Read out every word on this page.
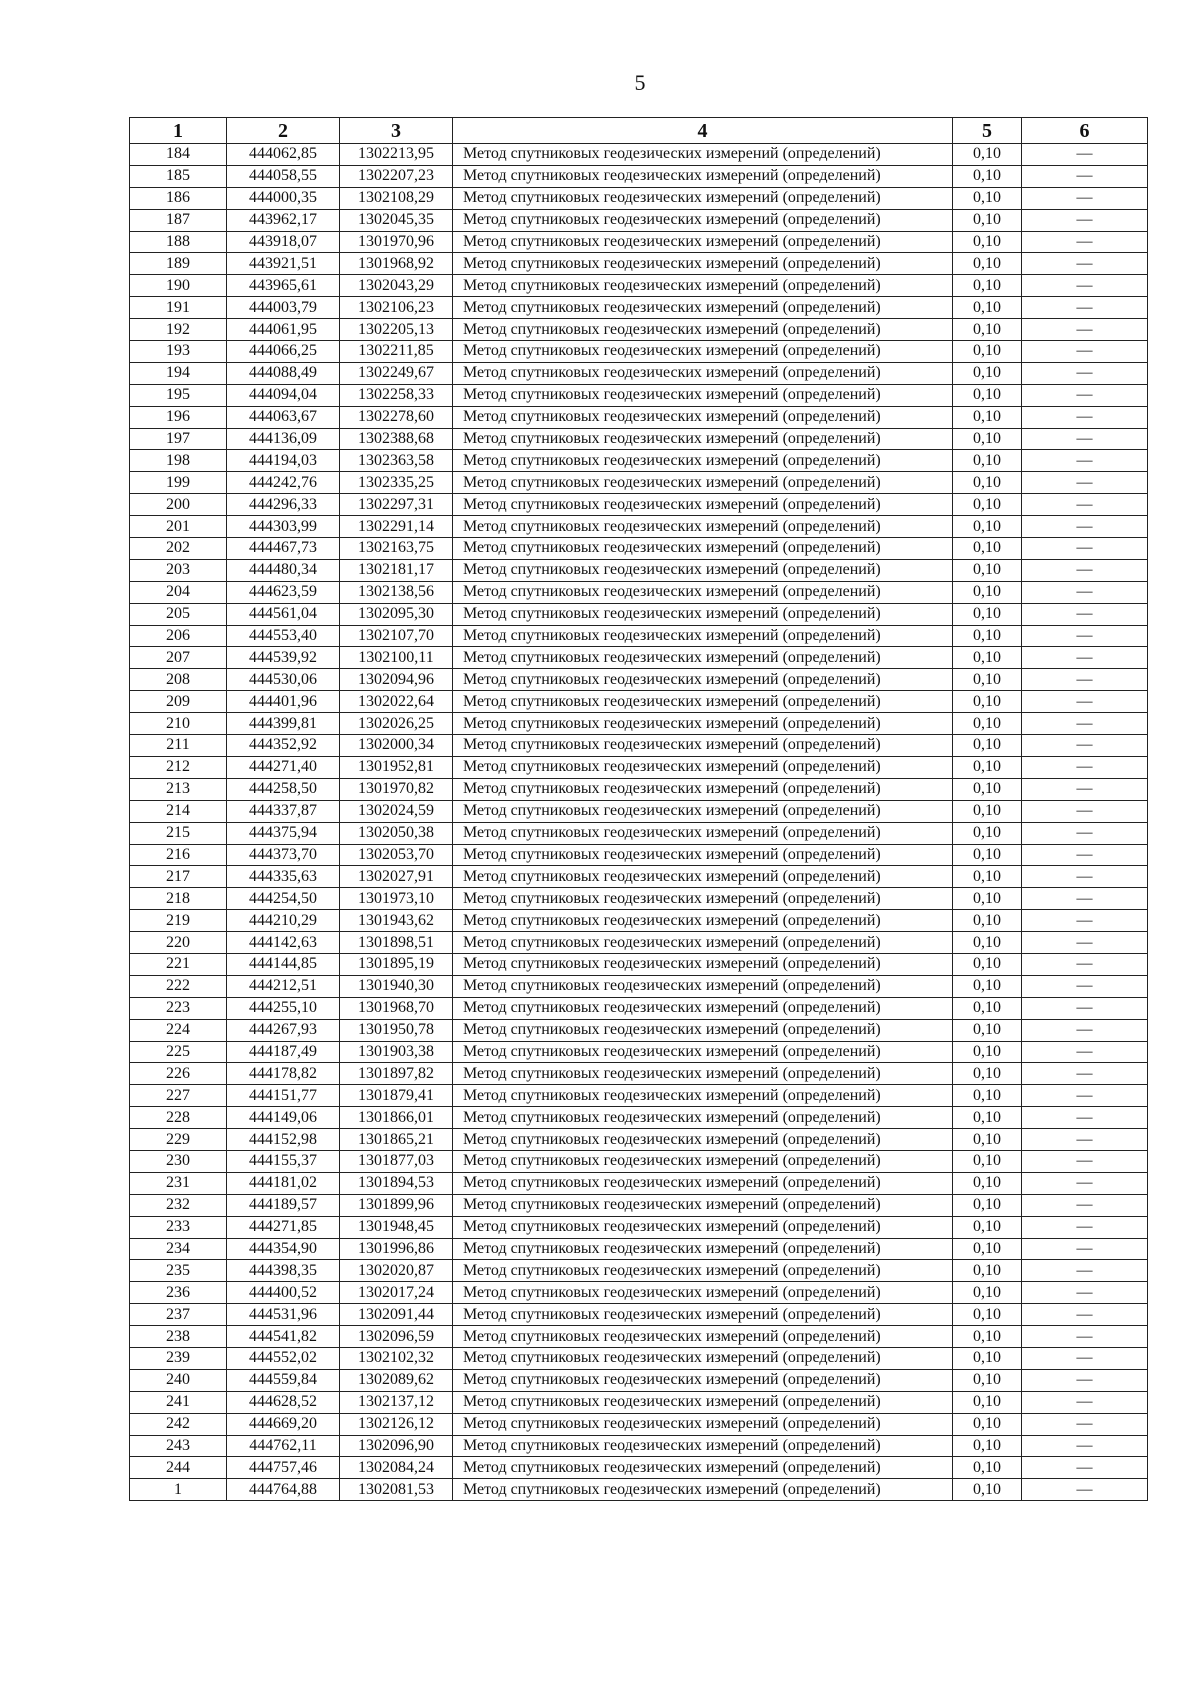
5
1	2	3	4	5	6
184	444062,85	1302213,95	Метод спутниковых геодезических измерений (определений)	0,10	—
185	444058,55	1302207,23	Метод спутниковых геодезических измерений (определений)	0,10	—
186	444000,35	1302108,29	Метод спутниковых геодезических измерений (определений)	0,10	—
187	443962,17	1302045,35	Метод спутниковых геодезических измерений (определений)	0,10	—
188	443918,07	1301970,96	Метод спутниковых геодезических измерений (определений)	0,10	—
189	443921,51	1301968,92	Метод спутниковых геодезических измерений (определений)	0,10	—
190	443965,61	1302043,29	Метод спутниковых геодезических измерений (определений)	0,10	—
191	444003,79	1302106,23	Метод спутниковых геодезических измерений (определений)	0,10	—
192	444061,95	1302205,13	Метод спутниковых геодезических измерений (определений)	0,10	—
193	444066,25	1302211,85	Метод спутниковых геодезических измерений (определений)	0,10	—
194	444088,49	1302249,67	Метод спутниковых геодезических измерений (определений)	0,10	—
195	444094,04	1302258,33	Метод спутниковых геодезических измерений (определений)	0,10	—
196	444063,67	1302278,60	Метод спутниковых геодезических измерений (определений)	0,10	—
197	444136,09	1302388,68	Метод спутниковых геодезических измерений (определений)	0,10	—
198	444194,03	1302363,58	Метод спутниковых геодезических измерений (определений)	0,10	—
199	444242,76	1302335,25	Метод спутниковых геодезических измерений (определений)	0,10	—
200	444296,33	1302297,31	Метод спутниковых геодезических измерений (определений)	0,10	—
201	444303,99	1302291,14	Метод спутниковых геодезических измерений (определений)	0,10	—
202	444467,73	1302163,75	Метод спутниковых геодезических измерений (определений)	0,10	—
203	444480,34	1302181,17	Метод спутниковых геодезических измерений (определений)	0,10	—
204	444623,59	1302138,56	Метод спутниковых геодезических измерений (определений)	0,10	—
205	444561,04	1302095,30	Метод спутниковых геодезических измерений (определений)	0,10	—
206	444553,40	1302107,70	Метод спутниковых геодезических измерений (определений)	0,10	—
207	444539,92	1302100,11	Метод спутниковых геодезических измерений (определений)	0,10	—
208	444530,06	1302094,96	Метод спутниковых геодезических измерений (определений)	0,10	—
209	444401,96	1302022,64	Метод спутниковых геодезических измерений (определений)	0,10	—
210	444399,81	1302026,25	Метод спутниковых геодезических измерений (определений)	0,10	—
211	444352,92	1302000,34	Метод спутниковых геодезических измерений (определений)	0,10	—
212	444271,40	1301952,81	Метод спутниковых геодезических измерений (определений)	0,10	—
213	444258,50	1301970,82	Метод спутниковых геодезических измерений (определений)	0,10	—
214	444337,87	1302024,59	Метод спутниковых геодезических измерений (определений)	0,10	—
215	444375,94	1302050,38	Метод спутниковых геодезических измерений (определений)	0,10	—
216	444373,70	1302053,70	Метод спутниковых геодезических измерений (определений)	0,10	—
217	444335,63	1302027,91	Метод спутниковых геодезических измерений (определений)	0,10	—
218	444254,50	1301973,10	Метод спутниковых геодезических измерений (определений)	0,10	—
219	444210,29	1301943,62	Метод спутниковых геодезических измерений (определений)	0,10	—
220	444142,63	1301898,51	Метод спутниковых геодезических измерений (определений)	0,10	—
221	444144,85	1301895,19	Метод спутниковых геодезических измерений (определений)	0,10	—
222	444212,51	1301940,30	Метод спутниковых геодезических измерений (определений)	0,10	—
223	444255,10	1301968,70	Метод спутниковых геодезических измерений (определений)	0,10	—
224	444267,93	1301950,78	Метод спутниковых геодезических измерений (определений)	0,10	—
225	444187,49	1301903,38	Метод спутниковых геодезических измерений (определений)	0,10	—
226	444178,82	1301897,82	Метод спутниковых геодезических измерений (определений)	0,10	—
227	444151,77	1301879,41	Метод спутниковых геодезических измерений (определений)	0,10	—
228	444149,06	1301866,01	Метод спутниковых геодезических измерений (определений)	0,10	—
229	444152,98	1301865,21	Метод спутниковых геодезических измерений (определений)	0,10	—
230	444155,37	1301877,03	Метод спутниковых геодезических измерений (определений)	0,10	—
231	444181,02	1301894,53	Метод спутниковых геодезических измерений (определений)	0,10	—
232	444189,57	1301899,96	Метод спутниковых геодезических измерений (определений)	0,10	—
233	444271,85	1301948,45	Метод спутниковых геодезических измерений (определений)	0,10	—
234	444354,90	1301996,86	Метод спутниковых геодезических измерений (определений)	0,10	—
235	444398,35	1302020,87	Метод спутниковых геодезических измерений (определений)	0,10	—
236	444400,52	1302017,24	Метод спутниковых геодезических измерений (определений)	0,10	—
237	444531,96	1302091,44	Метод спутниковых геодезических измерений (определений)	0,10	—
238	444541,82	1302096,59	Метод спутниковых геодезических измерений (определений)	0,10	—
239	444552,02	1302102,32	Метод спутниковых геодезических измерений (определений)	0,10	—
240	444559,84	1302089,62	Метод спутниковых геодезических измерений (определений)	0,10	—
241	444628,52	1302137,12	Метод спутниковых геодезических измерений (определений)	0,10	—
242	444669,20	1302126,12	Метод спутниковых геодезических измерений (определений)	0,10	—
243	444762,11	1302096,90	Метод спутниковых геодезических измерений (определений)	0,10	—
244	444757,46	1302084,24	Метод спутниковых геодезических измерений (определений)	0,10	—
1	444764,88	1302081,53	Метод спутниковых геодезических измерений (определений)	0,10	—
